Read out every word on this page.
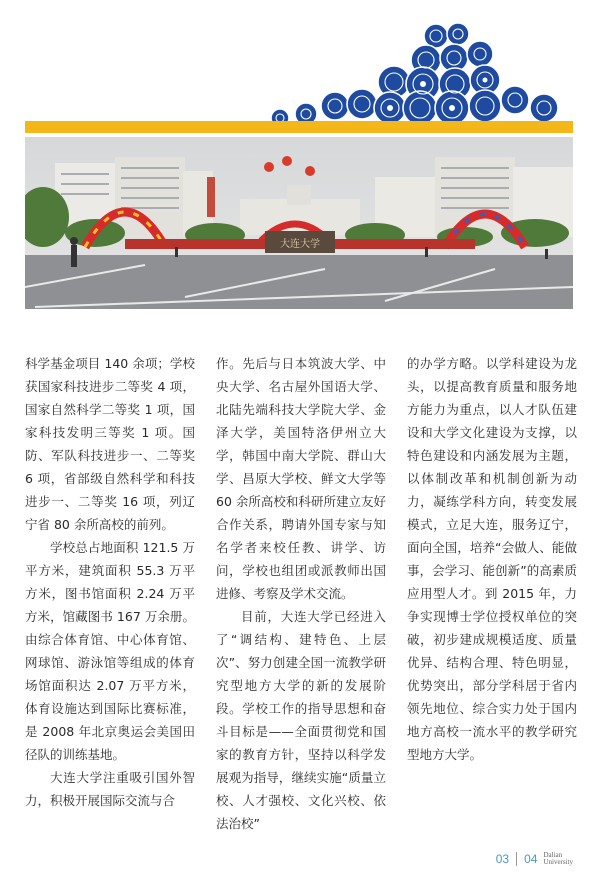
大连大学

科学基金项目 140 余项；学校获国家科技进步二等奖 4 项，国家自然科学二等奖 1 项，国家科技发明三等奖 1 项。国防、军队科技进步一、二等奖 6 项，省部级自然科学和科技进步一、二等奖 16 项，列辽宁省 80 余所高校的前列。

学校总占地面积 121.5 万平方米，建筑面积 55.3 万平方米，图书馆面积 2.24 万平方米，馆藏图书 167 万余册。由综合体育馆、中心体育馆、网球馆、游泳馆等组成的体育场馆面积达 2.07 万平方米，体育设施达到国际比赛标准，是 2008 年北京奥运会美国田径队的训练基地。

大连大学注重吸引国外智力，积极开展国际交流与合

作。先后与日本筑波大学、中央大学、名古屋外国语大学、北陆先端科技大学院大学、金泽大学，美国特洛伊州立大学，韩国中南大学院、群山大学、昌原大学校、鲜文大学等 60 余所高校和科研所建立友好合作关系，聘请外国专家与知名学者来校任教、讲学、访问，学校也组团或派教师出国进修、考察及学术交流。

目前，大连大学已经进入了“调结构、建特色、上层次”、努力创建全国一流教学研究型地方大学的新的发展阶段。学校工作的指导思想和奋斗目标是——全面贯彻党和国家的教育方针，坚持以科学发展观为指导，继续实施“质量立校、人才强校、文化兴校、依法治校”

的办学方略。以学科建设为龙头，以提高教育质量和服务地方能力为重点，以人才队伍建设和大学文化建设为支撑，以特色建设和内涵发展为主题，以体制改革和机制创新为动力，凝练学科方向，转变发展模式，立足大连，服务辽宁，面向全国，培养“会做人、能做事，会学习、能创新”的高素质应用型人才。到 2015 年，力争实现博士学位授权单位的突破，初步建成规模适度、质量优异、结构合理、特色明显，优势突出，部分学科居于省内领先地位、综合实力处于国内地方高校一流水平的教学研究型地方大学。

03 04 Dalian
University
